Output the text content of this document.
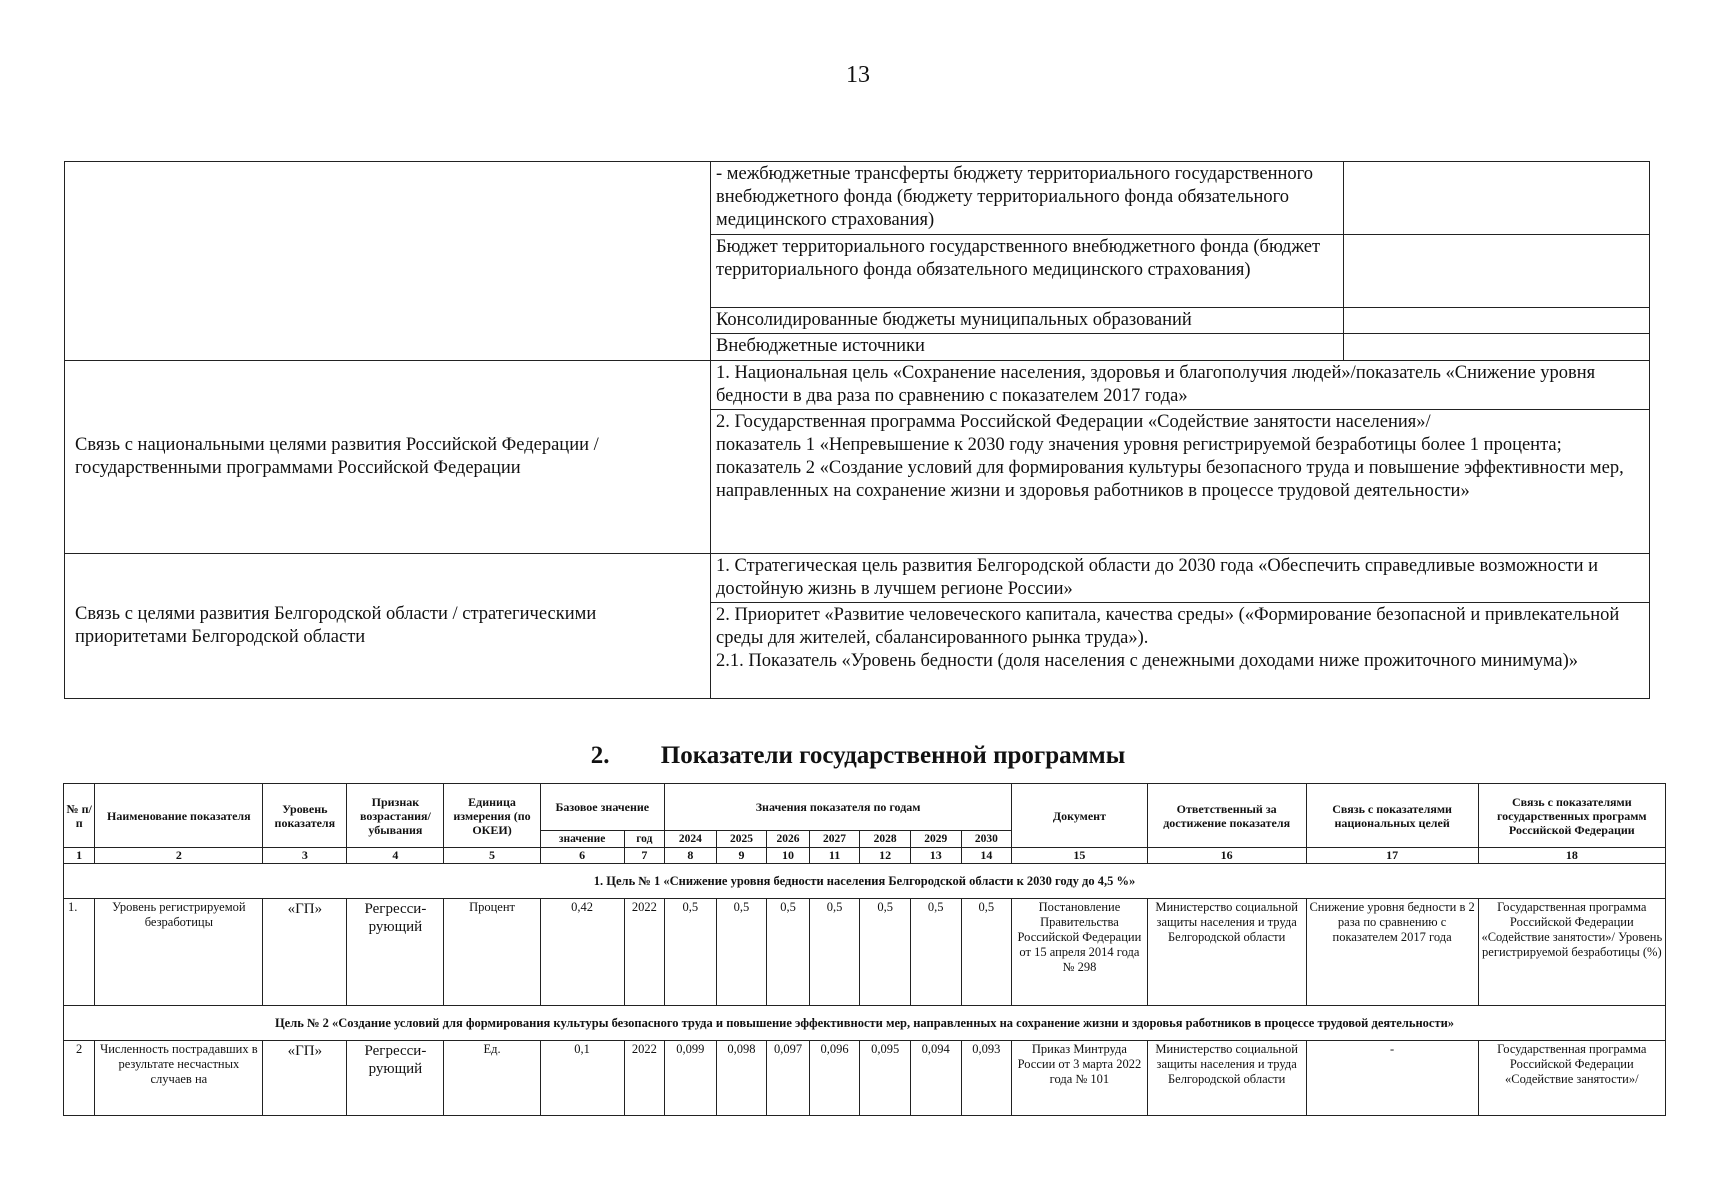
13
	- межбюджетные трансферты бюджету территориального государственного внебюджетного фонда (бюджету территориального фонда обязательного медицинского страхования)	
	Бюджет территориального государственного внебюджетного фонда (бюджет территориального фонда обязательного медицинского страхования)	
	Консолидированные бюджеты муниципальных образований	
	Внебюджетные источники	
Связь с национальными целями развития Российской Федерации / государственными программами Российской Федерации	1. Национальная цель «Сохранение населения, здоровья и благополучия людей»/показатель «Снижение уровня бедности в два раза по сравнению с показателем 2017 года»	

	2. Государственная программа Российской Федерации «Содействие занятости населения»/
показатель 1 «Непревышение к 2030 году значения уровня регистрируемой безработицы более 1 процента;
показатель 2 «Создание условий для формирования культуры безопасного труда и повышение эффективности мер, направленных на сохранение жизни и здоровья работников в процессе трудовой деятельности»	

Связь с целями развития Белгородской области / стратегическими приоритетами Белгородской области	1. Стратегическая цель развития Белгородской области до 2030 года «Обеспечить справедливые возможности и достойную жизнь в лучшем регионе России»	

	2. Приоритет «Развитие человеческого капитала, качества среды» («Формирование безопасной и привлекательной среды для жителей, сбалансированного рынка труда»).
2.1. Показатель «Уровень бедности (доля населения с денежными доходами ниже прожиточного минимума)»	
2. Показатели государственной программы
№ п/п	Наименование показателя	Уровень показателя	Признак возрастания/ убывания	Единица измерения (по ОКЕИ)	Базовое значение		Значения показателя по годам							Документ	Ответственный за достижение показателя	Связь с показателями национальных целей	Связь с показателями государственных программ Российской Федерации
					значение	год	2024	2025	2026	2027	2028	2029	2030				
1	2	3	4	5	6	7	8	9	10	11	12	13	14	15	16	17	18
1. Цель № 1 «Снижение уровня бедности населения Белгородской области к 2030 году до 4,5 %»																	
1.	Уровень регистрируемой безработицы	«ГП»	Регресси-рующий	Процент	0,42	2022	0,5	0,5	0,5	0,5	0,5	0,5	0,5	Постановление Правительства Российской Федерации от 15 апреля 2014 года № 298	Министерство социальной защиты населения и труда Белгородской области	Снижение уровня бедности в 2 раза по сравнению с показателем 2017 года	Государственная программа Российской Федерации «Содействие занятости»/ Уровень регистрируемой безработицы (%)
Цель № 2 «Создание условий для формирования культуры безопасного труда и повышение эффективности мер, направленных на сохранение жизни и здоровья работников в процессе трудовой деятельности»																	
2	Численность пострадавших в результате несчастных случаев на	«ГП»	Регресси-рующий	Ед.	0,1	2022	0,099	0,098	0,097	0,096	0,095	0,094	0,093	Приказ Минтруда России от 3 марта 2022 года № 101	Министерство социальной защиты населения и труда Белгородской области	-	Государственная программа Российской Федерации «Содействие занятости»/
